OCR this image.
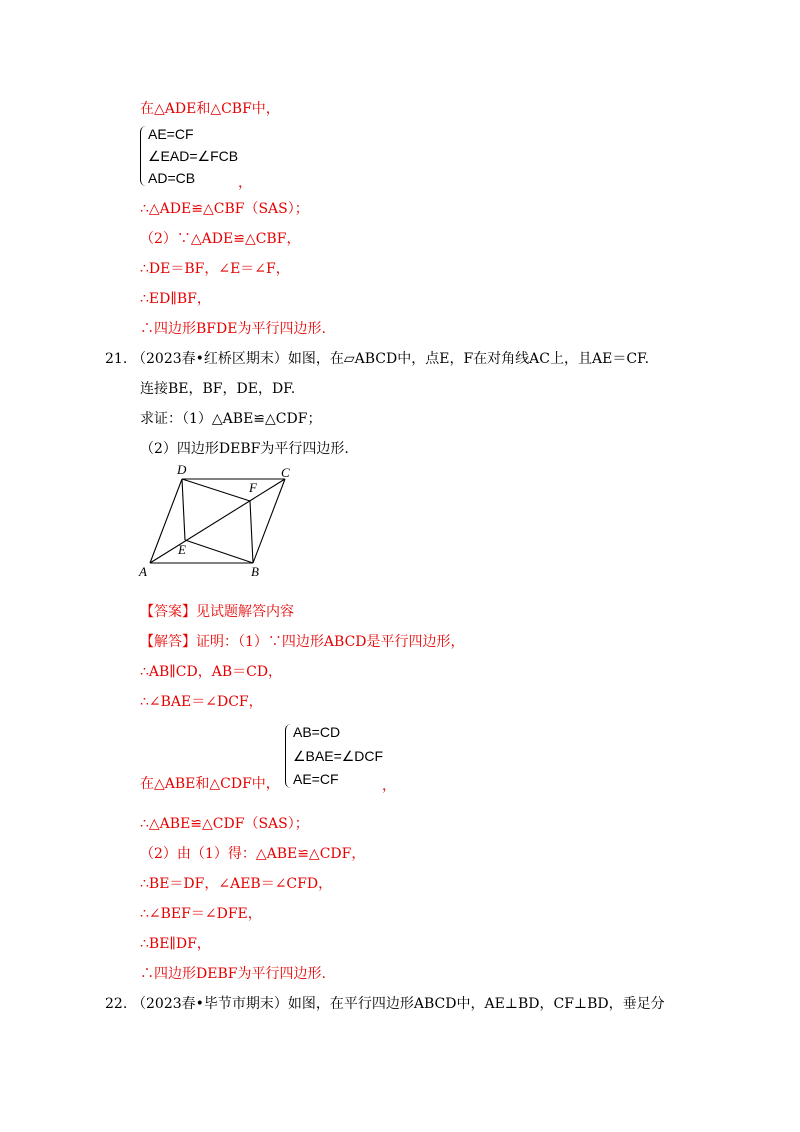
在△ADE和△CBF中，
AE=CF
∠EAD=∠FCB
AD=CB	，
∴△ADE≌△CBF（SAS）；
（2）∵△ADE≌△CBF，
∴DE＝BF，∠E＝∠F，
∴ED∥BF，
∴四边形BFDE为平行四边形.
21. （2023春•红桥区期末）如图，在▱ABCD中，点E，F在对角线AC上，且AE＝CF.
连接BE，BF，DE，DF.
求证：（1）△ABE≌△CDF；
（2）四边形DEBF为平行四边形.
A	B
C
D
E
F
【答案】见试题解答内容
【解答】证明：（1）∵四边形ABCD是平行四边形，
∴AB∥CD，AB＝CD，
∴∠BAE＝∠DCF，
AB=CD
∠BAE=∠DCF
AE=CF
在△ABE和△CDF中，	，
∴△ABE≌△CDF（SAS）；
（2）由（1）得：△ABE≌△CDF，
∴BE＝DF，∠AEB＝∠CFD，
∴∠BEF＝∠DFE，
∴BE∥DF，
∴四边形DEBF为平行四边形.
22. （2023春•毕节市期末）如图，在平行四边形ABCD中，AE⊥BD，CF⊥BD，垂足分
